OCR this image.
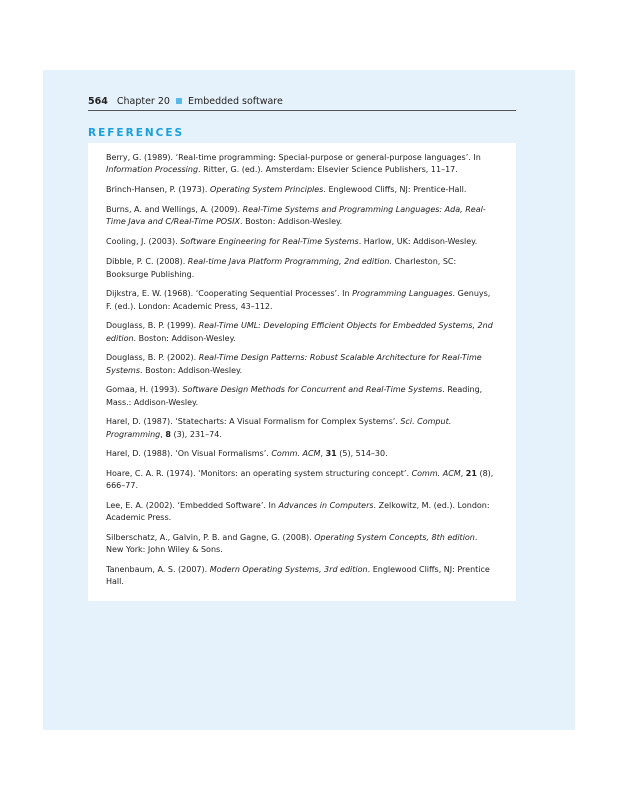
564 Chapter 20 Embedded software
REFERENCES
Berry, G. (1989). ‘Real-time programming: Special-purpose or general-purpose languages’. In Information Processing. Ritter, G. (ed.). Amsterdam: Elsevier Science Publishers, 11–17.
Brinch-Hansen, P. (1973). Operating System Principles. Englewood Cliffs, NJ: Prentice-Hall.
Burns, A. and Wellings, A. (2009). Real-Time Systems and Programming Languages: Ada, Real-Time Java and C/Real-Time POSIX. Boston: Addison-Wesley.
Cooling, J. (2003). Software Engineering for Real-Time Systems. Harlow, UK: Addison-Wesley.
Dibble, P. C. (2008). Real-time Java Platform Programming, 2nd edition. Charleston, SC: Booksurge Publishing.
Dijkstra, E. W. (1968). ‘Cooperating Sequential Processes’. In Programming Languages. Genuys, F. (ed.). London: Academic Press, 43–112.
Douglass, B. P. (1999). Real-Time UML: Developing Efficient Objects for Embedded Systems, 2nd edition. Boston: Addison-Wesley.
Douglass, B. P. (2002). Real-Time Design Patterns: Robust Scalable Architecture for Real-Time Systems. Boston: Addison-Wesley.
Gomaa, H. (1993). Software Design Methods for Concurrent and Real-Time Systems. Reading, Mass.: Addison-Wesley.
Harel, D. (1987). ‘Statecharts: A Visual Formalism for Complex Systems’. Sci. Comput. Programming, 8 (3), 231–74.
Harel, D. (1988). ‘On Visual Formalisms’. Comm. ACM, 31 (5), 514–30.
Hoare, C. A. R. (1974). ‘Monitors: an operating system structuring concept’. Comm. ACM, 21 (8), 666–77.
Lee, E. A. (2002). ‘Embedded Software’. In Advances in Computers. Zelkowitz, M. (ed.). London: Academic Press.
Silberschatz, A., Galvin, P. B. and Gagne, G. (2008). Operating System Concepts, 8th edition. New York: John Wiley & Sons.
Tanenbaum, A. S. (2007). Modern Operating Systems, 3rd edition. Englewood Cliffs, NJ: Prentice Hall.
